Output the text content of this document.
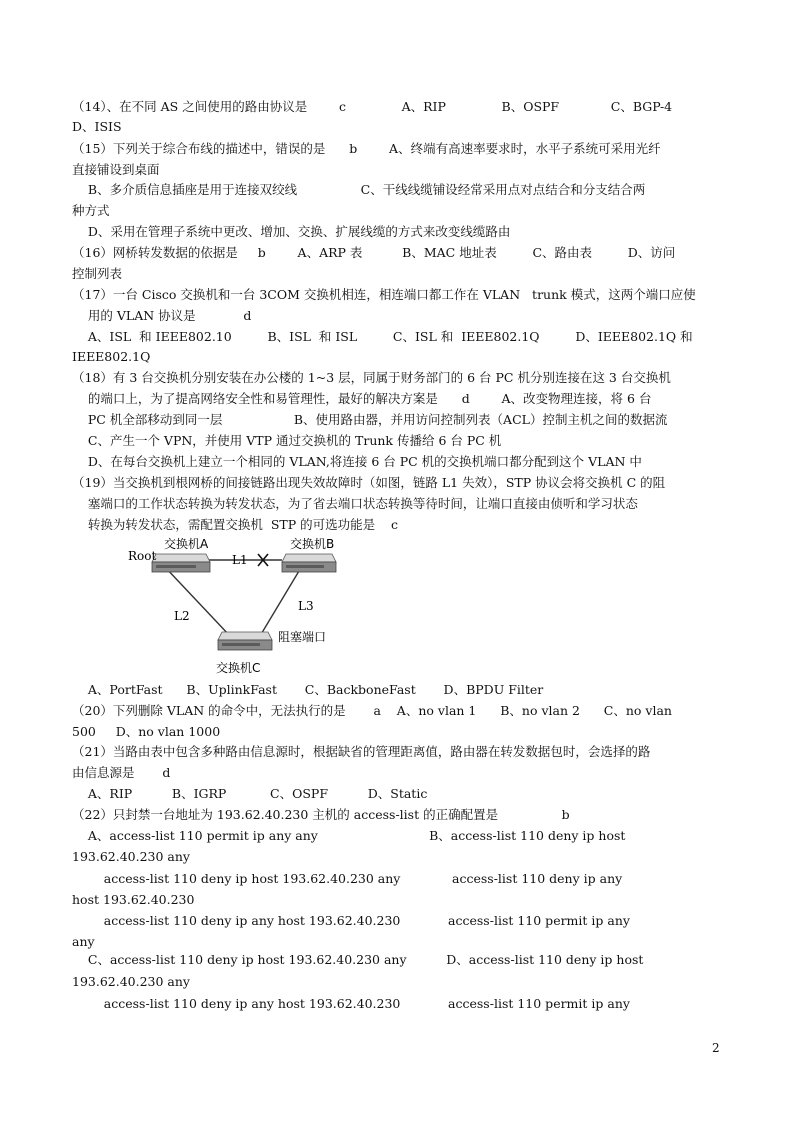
（14）、在不同 AS 之间使用的路由协议是        c              A、RIP              B、OSPF             C、BGP-4
D、ISIS
（15）下列关于综合布线的描述中，错误的是      b        A、终端有高速率要求时，水平子系统可采用光纤
直接铺设到桌面
B、多介质信息插座是用于连接双绞线                C、干线线缆铺设经常采用点对点结合和分支结合两
种方式
D、采用在管理子系统中更改、增加、交换、扩展线缆的方式来改变线缆路由
（16）网桥转发数据的依据是     b        A、ARP 表          B、MAC 地址表         C、路由表         D、访问
控制列表
（17）一台 Cisco 交换机和一台 3COM 交换机相连，相连端口都工作在 VLAN   trunk 模式，这两个端口应使
用的 VLAN 协议是            d
A、ISL  和 IEEE802.10         B、ISL  和 ISL         C、ISL 和  IEEE802.1Q         D、IEEE802.1Q 和
IEEE802.1Q
（18）有 3 台交换机分别安装在办公楼的 1~3 层，同属于财务部门的 6 台 PC 机分别连接在这 3 台交换机
的端口上，为了提高网络安全性和易管理性，最好的解决方案是      d        A、改变物理连接，将 6 台
PC 机全部移动到同一层                  B、使用路由器，并用访问控制列表（ACL）控制主机之间的数据流
C、产生一个 VPN，并使用 VTP 通过交换机的 Trunk 传播给 6 台 PC 机
D、在每台交换机上建立一个相同的 VLAN,将连接 6 台 PC 机的交换机端口都分配到这个 VLAN 中
（19）当交换机到根网桥的间接链路出现失效故障时（如图，链路 L1 失效），STP 协议会将交换机 C 的阻
塞端口的工作状态转换为转发状态，为了省去端口状态转换等待时间，让端口直接由侦听和学习状态
转换为转发状态，需配置交换机  STP 的可选功能是    c
Root
交换机A	交换机B
L1
L2
L3
阻塞端口
交换机C
A、PortFast      B、UplinkFast       C、BackboneFast       D、BPDU Filter
（20）下列删除 VLAN 的命令中，无法执行的是       a    A、no vlan 1      B、no vlan 2      C、no vlan
500     D、no vlan 1000
（21）当路由表中包含多种路由信息源时，根据缺省的管理距离值，路由器在转发数据包时，会选择的路
由信息源是       d
A、RIP          B、IGRP           C、OSPF          D、Static
（22）只封禁一台地址为 193.62.40.230 主机的 access-list 的正确配置是                b
A、access-list 110 permit ip any any                            B、access-list 110 deny ip host
193.62.40.230 any
access-list 110 deny ip host 193.62.40.230 any             access-list 110 deny ip any
host 193.62.40.230
access-list 110 deny ip any host 193.62.40.230            access-list 110 permit ip any
any
C、access-list 110 deny ip host 193.62.40.230 any          D、access-list 110 deny ip host
193.62.40.230 any
access-list 110 deny ip any host 193.62.40.230            access-list 110 permit ip any
2
